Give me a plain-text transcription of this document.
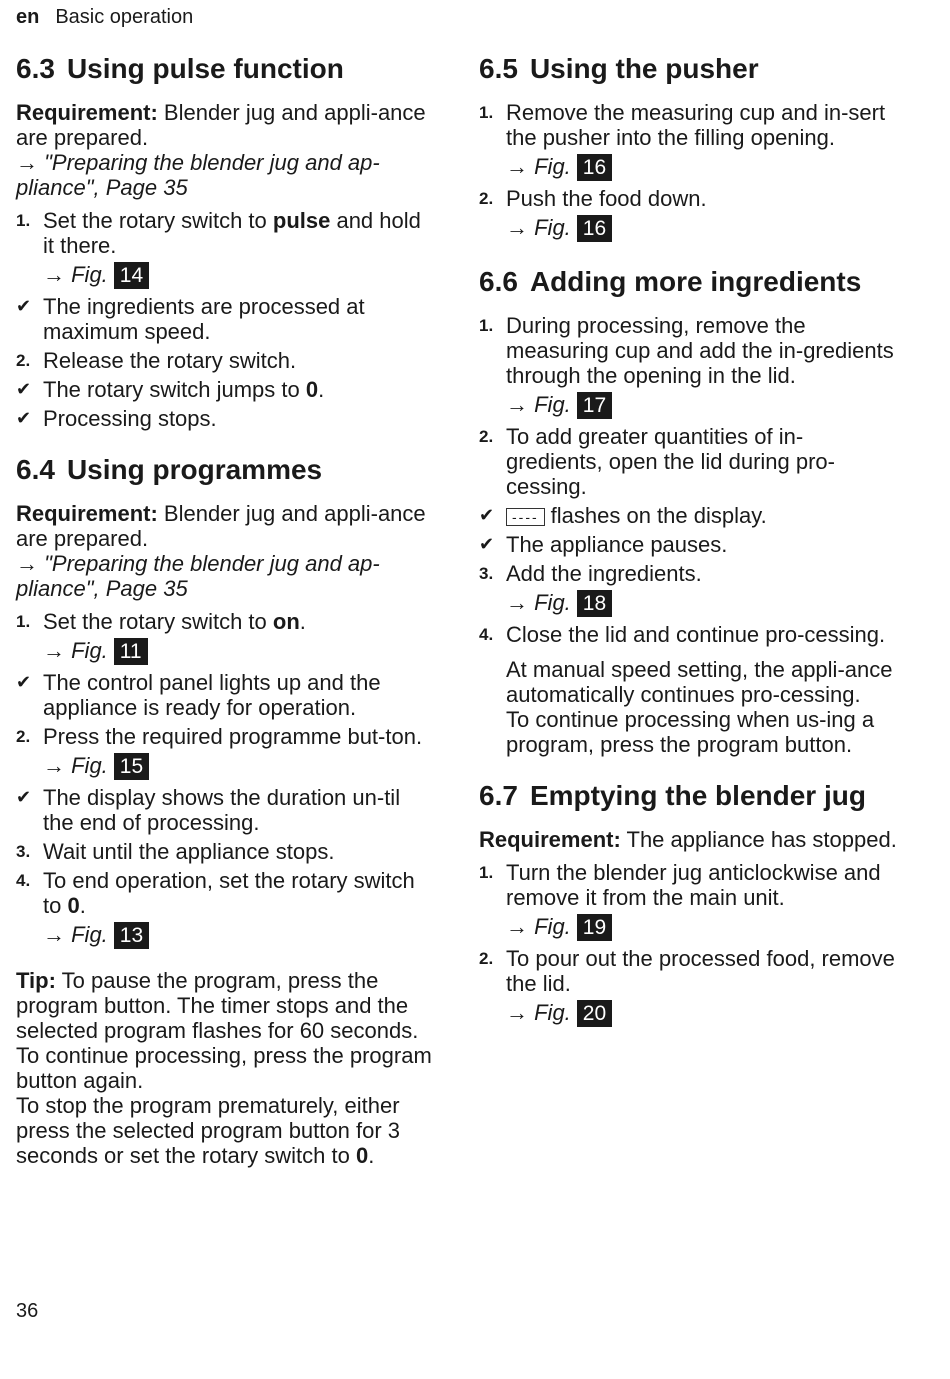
en Basic operation
6.3 Using pulse function

Requirement: Blender jug and appli-ance are prepared.
→ "Preparing the blender jug and ap-pliance", Page 35

1. Set the rotary switch to pulse and hold it there.
→ Fig. 14
✔ The ingredients are processed at maximum speed.
2. Release the rotary switch.
✔ The rotary switch jumps to 0.
✔ Processing stops.
6.4 Using programmes

Requirement: Blender jug and appli-ance are prepared.
→ "Preparing the blender jug and ap-pliance", Page 35

1. Set the rotary switch to on.
→ Fig. 11
✔ The control panel lights up and the appliance is ready for operation.
2. Press the required programme but-ton.
→ Fig. 15
✔ The display shows the duration un-til the end of processing.
3. Wait until the appliance stops.
4. To end operation, set the rotary switch to 0.
→ Fig. 13

Tip: To pause the program, press the program button. The timer stops and the selected program flashes for 60 seconds. To continue processing, press the program button again.
To stop the program prematurely, either press the selected program button for 3 seconds or set the rotary switch to 0.

6.5 Using the pusher
1. Remove the measuring cup and in-sert the pusher into the filling opening.
→ Fig. 16
2. Push the food down.
→ Fig. 16
6.6 Adding more ingredients
1. During processing, remove the measuring cup and add the in-gredients through the opening in the lid.
→ Fig. 17
2. To add greater quantities of in-gredients, open the lid during pro-cessing.
✔ ---- flashes on the display.
✔ The appliance pauses.
3. Add the ingredients.
→ Fig. 18
4. Close the lid and continue pro-cessing.
At manual speed setting, the appli-ance automatically continues pro-cessing.
To continue processing when us-ing a program, press the program button.
6.7 Emptying the blender jug

Requirement: The appliance has stopped.

1. Turn the blender jug anticlockwise and remove it from the main unit.
→ Fig. 19
2. To pour out the processed food, remove the lid.
→ Fig. 20
36
